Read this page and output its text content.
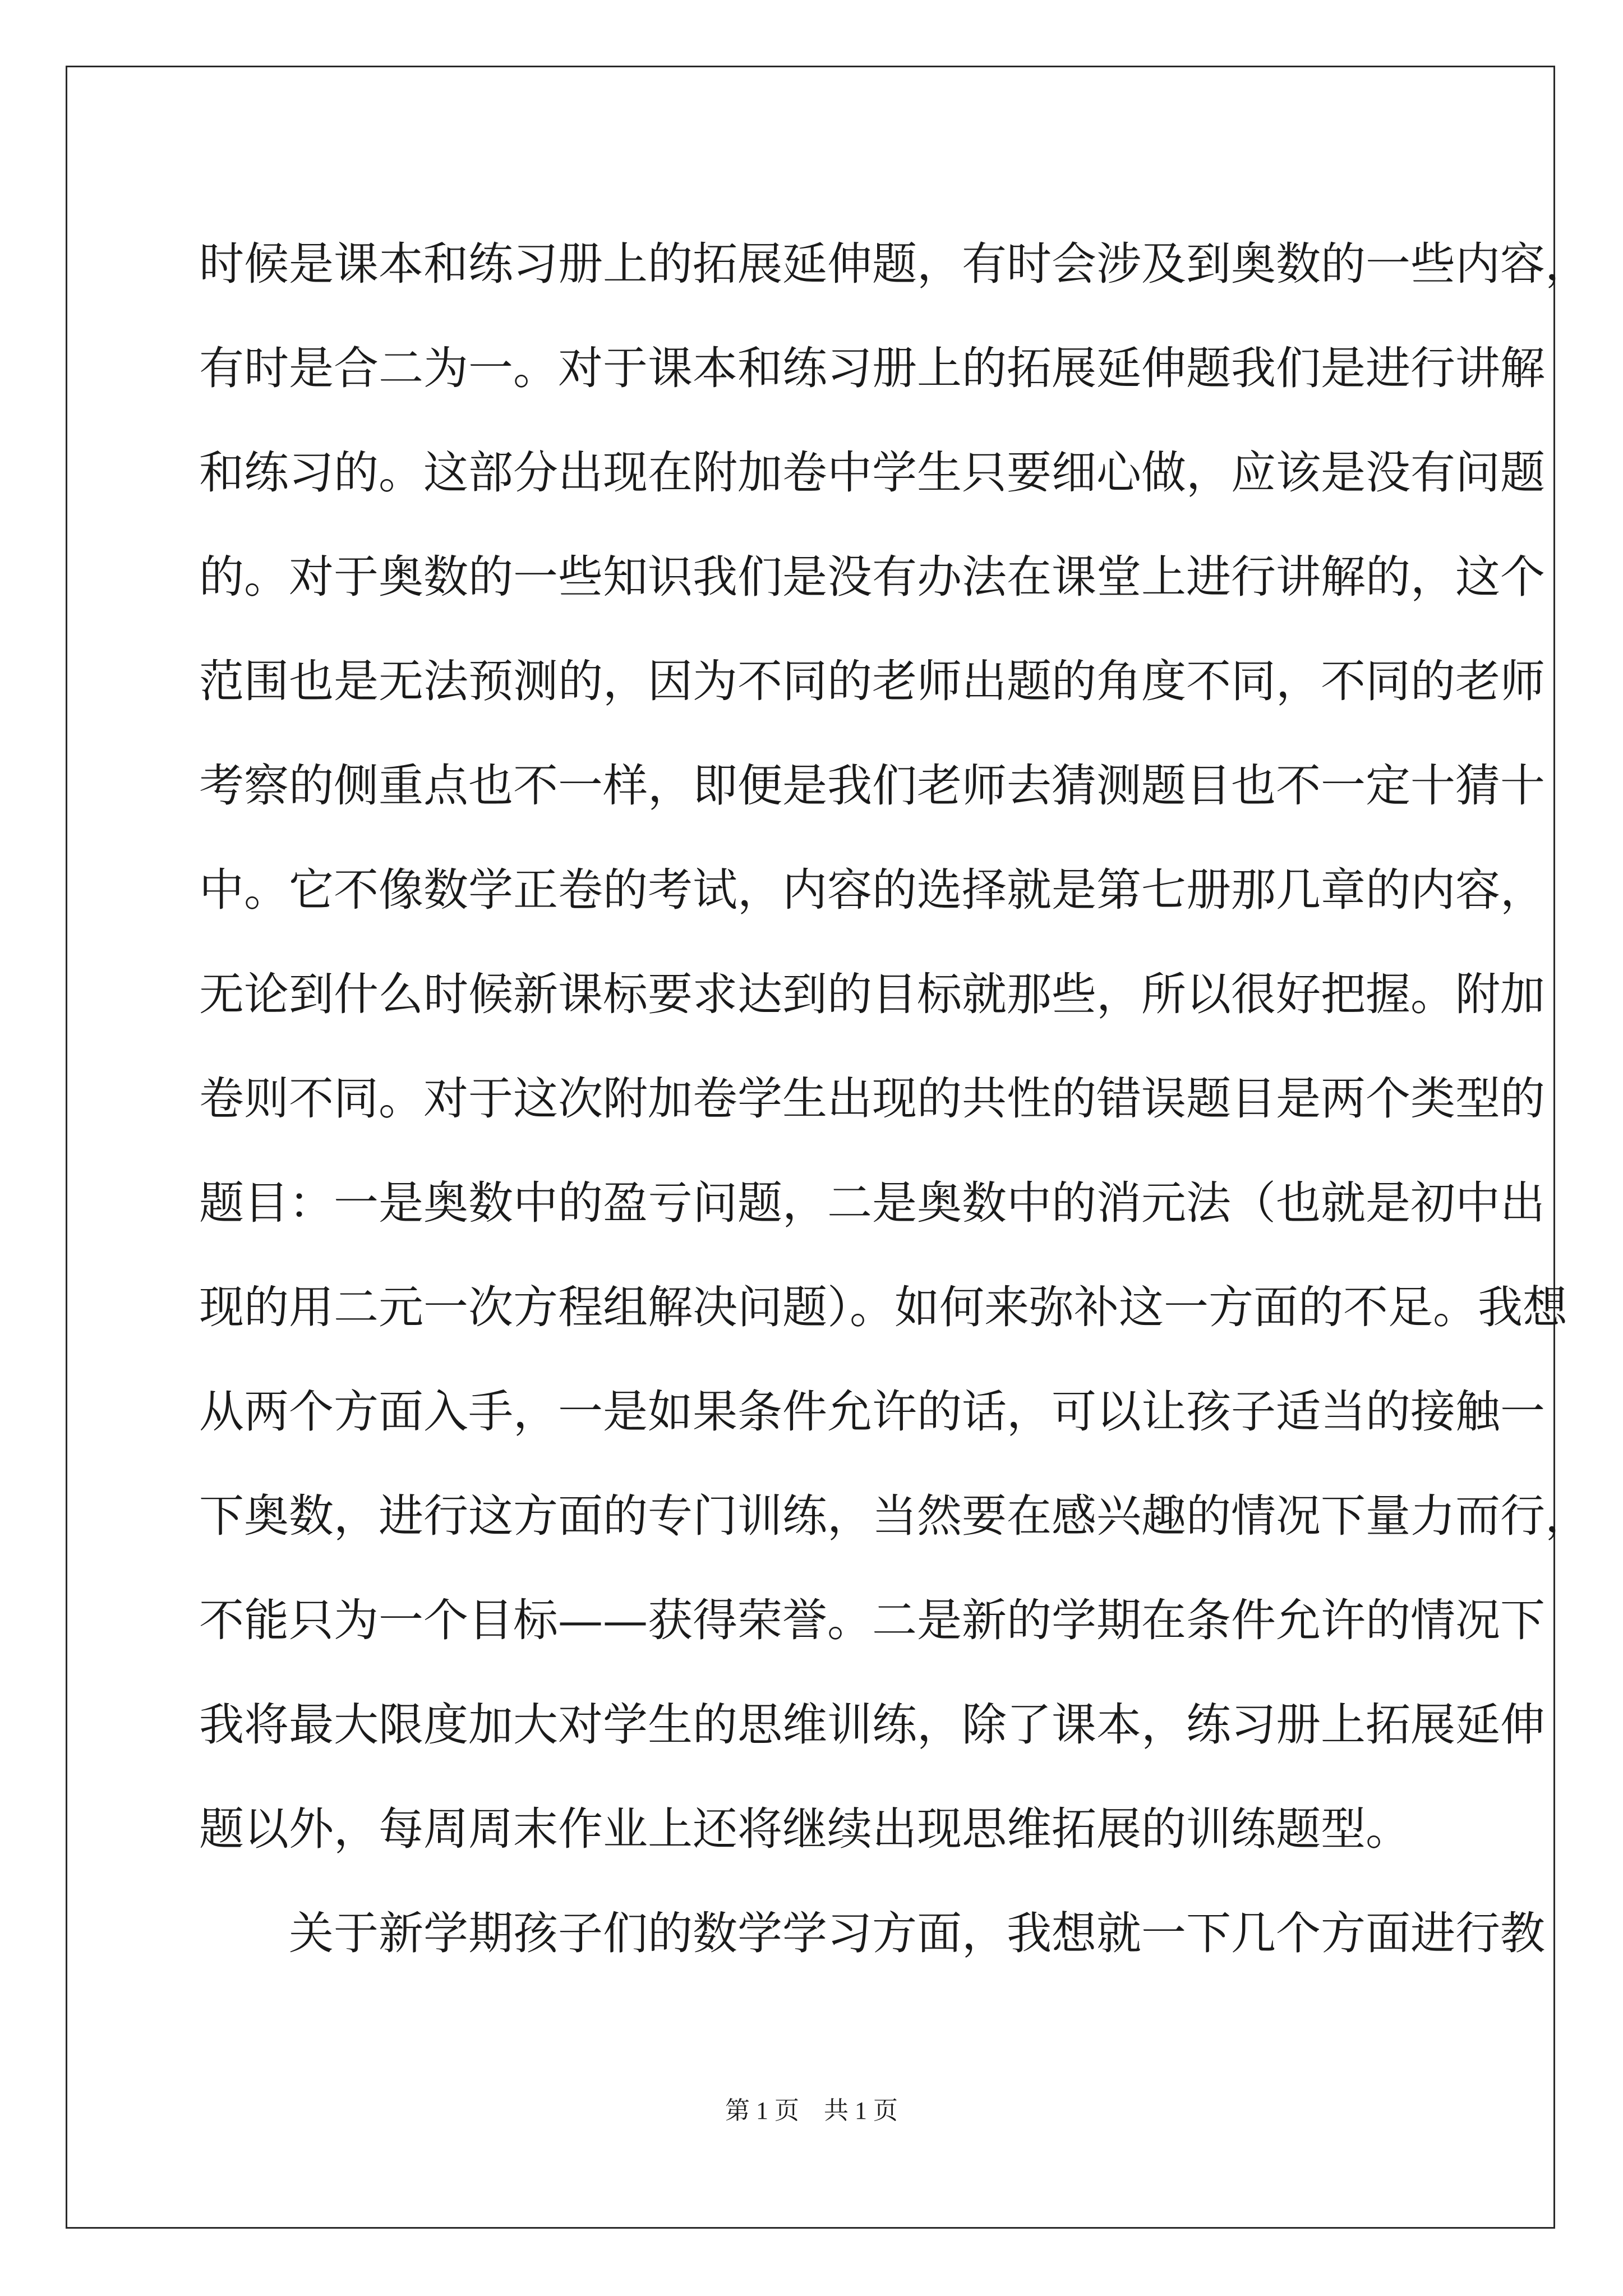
时候是课本和练习册上的拓展延伸题，有时会涉及到奥数的一些内容，
有时是合二为一。对于课本和练习册上的拓展延伸题我们是进行讲解
和练习的。这部分出现在附加卷中学生只要细心做，应该是没有问题
的。对于奥数的一些知识我们是没有办法在课堂上进行讲解的，这个
范围也是无法预测的，因为不同的老师出题的角度不同，不同的老师
考察的侧重点也不一样，即便是我们老师去猜测题目也不一定十猜十
中。它不像数学正卷的考试，内容的选择就是第七册那几章的内容，
无论到什么时候新课标要求达到的目标就那些，所以很好把握。附加
卷则不同。对于这次附加卷学生出现的共性的错误题目是两个类型的
题目：一是奥数中的盈亏问题，二是奥数中的消元法（也就是初中出
现的用二元一次方程组解决问题）。如何来弥补这一方面的不足。我想
从两个方面入手，一是如果条件允许的话，可以让孩子适当的接触一
下奥数，进行这方面的专门训练，当然要在感兴趣的情况下量力而行，
不能只为一个目标——获得荣誉。二是新的学期在条件允许的情况下
我将最大限度加大对学生的思维训练，除了课本，练习册上拓展延伸
题以外，每周周末作业上还将继续出现思维拓展的训练题型。
关于新学期孩子们的数学学习方面，我想就一下几个方面进行教
第 1 页    共 1 页
